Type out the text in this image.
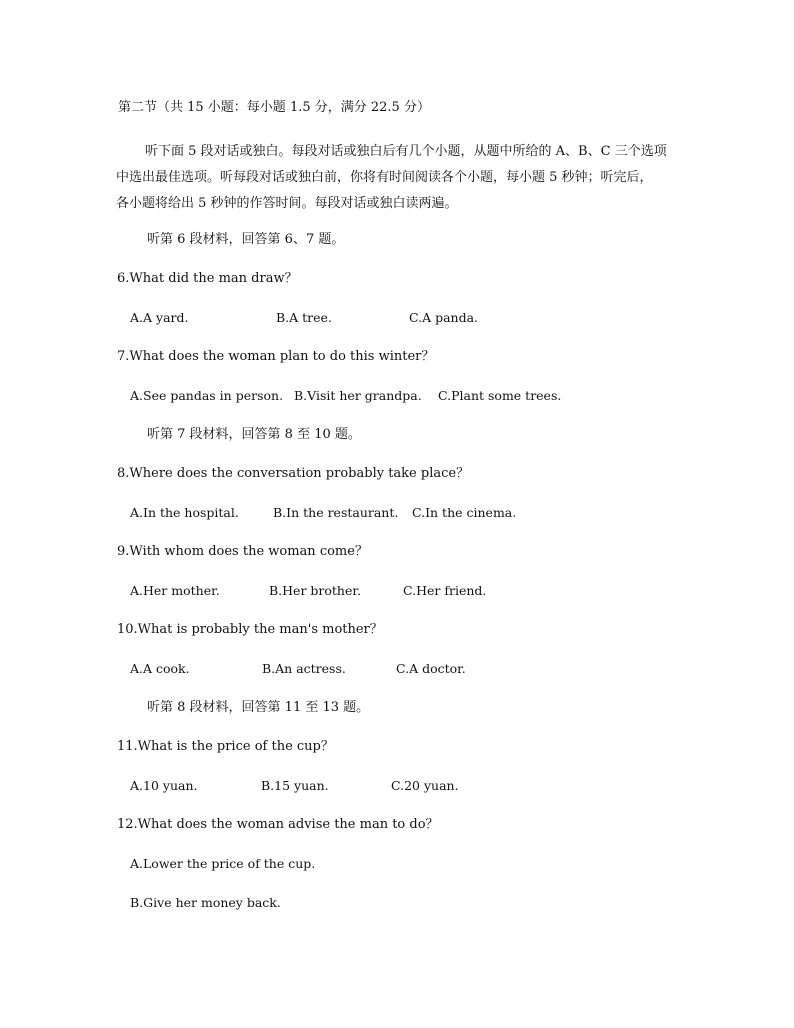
第二节（共 15 小题：每小题 1.5 分，满分 22.5 分）
听下面 5 段对话或独白。每段对话或独白后有几个小题，从题中所给的 A、B、C 三个选项
中选出最佳选项。听每段对话或独白前，你将有时间阅读各个小题，每小题 5 秒钟；听完后，
各小题将给出 5 秒钟的作答时间。每段对话或独白读两遍。
听第 6 段材料，回答第 6、7 题。
6.What did the man draw？
A.A yard.	B.A tree.	C.A panda.
7.What does the woman plan to do this winter？
A.See pandas in person. B.Visit her grandpa. C.Plant some trees.
听第 7 段材料，回答第 8 至 10 题。
8.Where does the conversation probably take place？
A.In the hospital.	B.In the restaurant. C.In the cinema.
9.With whom does the woman come？
A.Her mother.	B.Her brother.	C.Her friend.
10.What is probably the man's mother？
A.A cook.	B.An actress.	C.A doctor.
听第 8 段材料，回答第 11 至 13 题。
11.What is the price of the cup？
A.10 yuan.	B.15 yuan.	C.20 yuan.
12.What does the woman advise the man to do？
A.Lower the price of the cup.
B.Give her money back.
